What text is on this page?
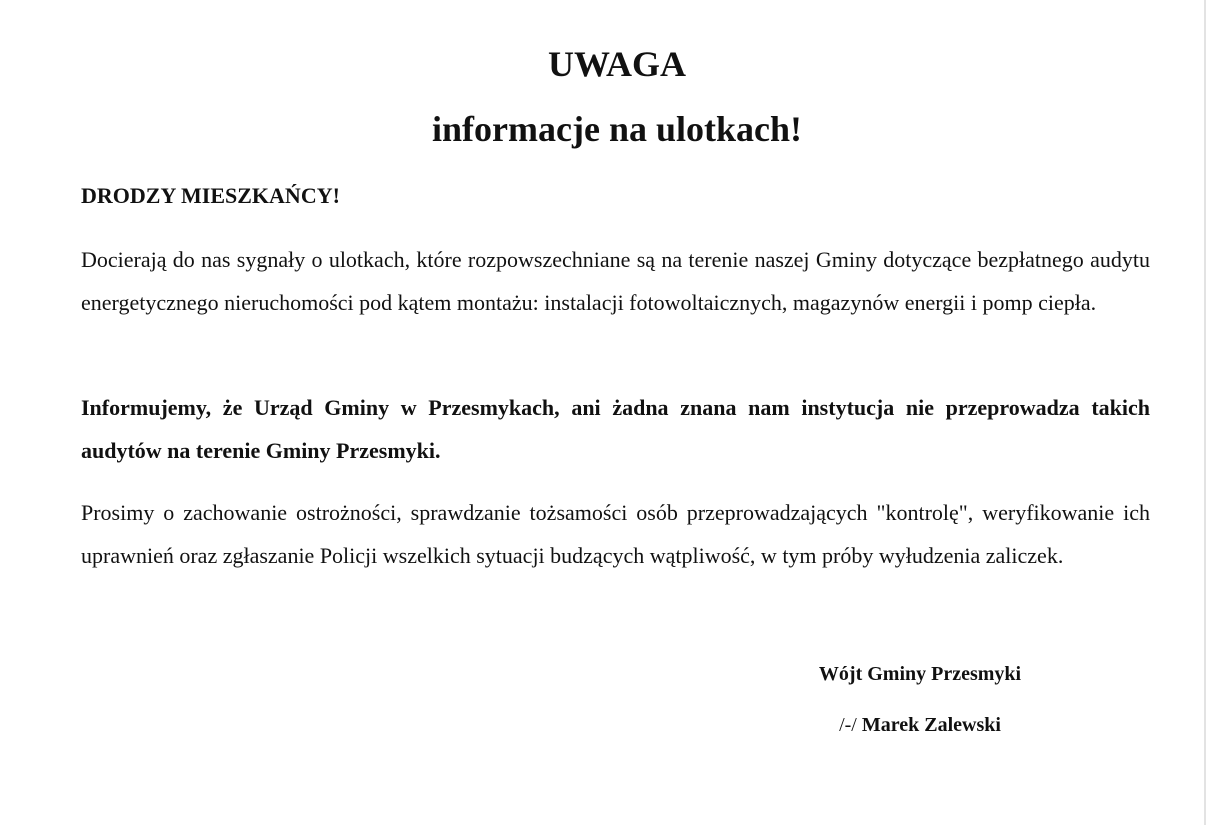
UWAGA
informacje na ulotkach!
DRODZY MIESZKAŃCY!
Docierają do nas sygnały o ulotkach, które rozpowszechniane są na terenie naszej Gminy dotyczące bezpłatnego audytu energetycznego nieruchomości pod kątem montażu: instalacji fotowoltaicznych, magazynów energii i pomp ciepła.
Informujemy, że Urząd Gminy w Przesmykach, ani żadna znana nam instytucja nie przeprowadza takich audytów na terenie Gminy Przesmyki.
Prosimy o zachowanie ostrożności, sprawdzanie tożsamości osób przeprowadzających "kontrolę", weryfikowanie ich uprawnień oraz zgłaszanie Policji wszelkich sytuacji budzących wątpliwość, w tym próby wyłudzenia zaliczek.
Wójt Gminy Przesmyki
/-/ Marek Zalewski
